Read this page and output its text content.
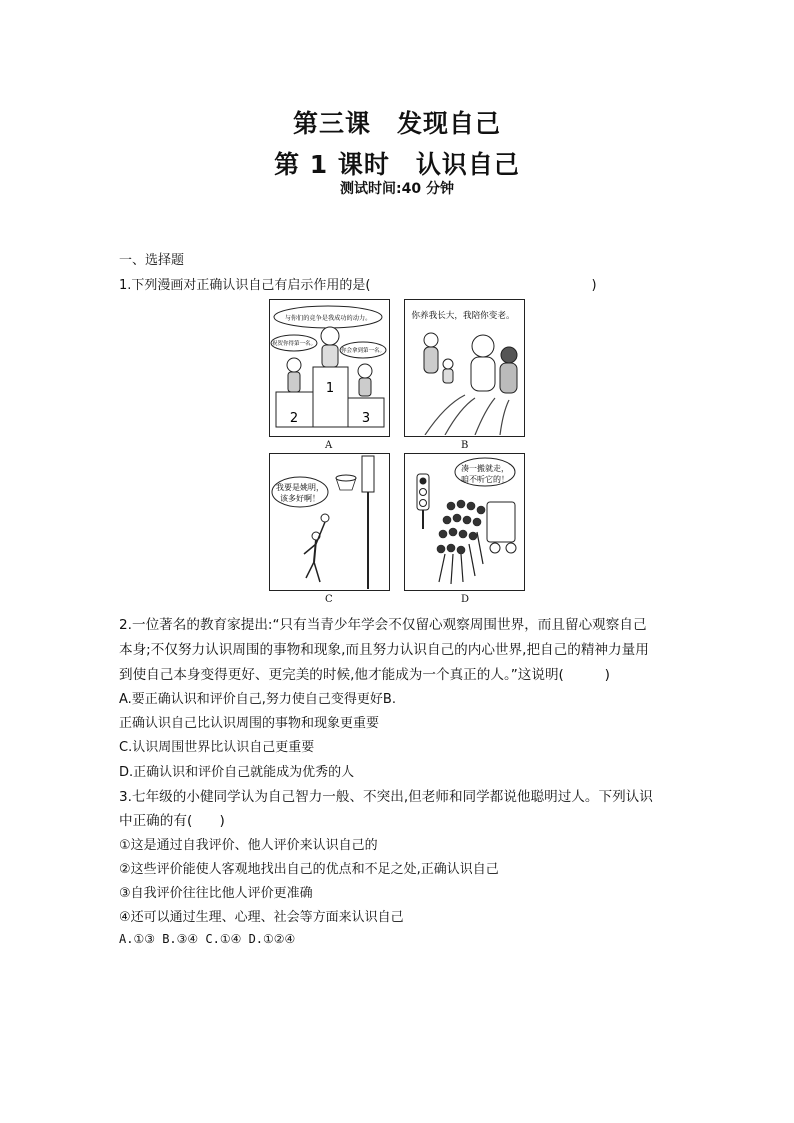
第三课　发现自己
第 1 课时　认识自己
测试时间:40 分钟
一、选择题
1.下列漫画对正确认识自己有启示作用的是(　　　　　　　　　　　　　　　　　)
与你们的竞争是我成功的动力。
祝贺你得第一名。
你会拿到第一名。
1
2	3
A
你养我长大，我陪你变老。
B
我要是姚明，
该多好啊！
C
凑一搬就走，
咱不听它的！
D
2.一位著名的教育家提出:“只有当青少年学会不仅留心观察周围世界，而且留心观察自己
本身;不仅努力认识周围的事物和现象,而且努力认识自己的内心世界,把自己的精神力量用
到使自己本身变得更好、更完美的时候,他才能成为一个真正的人。”这说明(　　　)
A.要正确认识和评价自己,努力使自己变得更好B.
正确认识自己比认识周围的事物和现象更重要
C.认识周围世界比认识自己更重要
D.正确认识和评价自己就能成为优秀的人
3.七年级的小健同学认为自己智力一般、不突出,但老师和同学都说他聪明过人。下列认识
中正确的有(　　)
①这是通过自我评价、他人评价来认识自己的
②这些评价能使人客观地找出自己的优点和不足之处,正确认识自己
③自我评价往往比他人评价更准确
④还可以通过生理、心理、社会等方面来认识自己
A.①③ B.③④ C.①④ D.①②④
